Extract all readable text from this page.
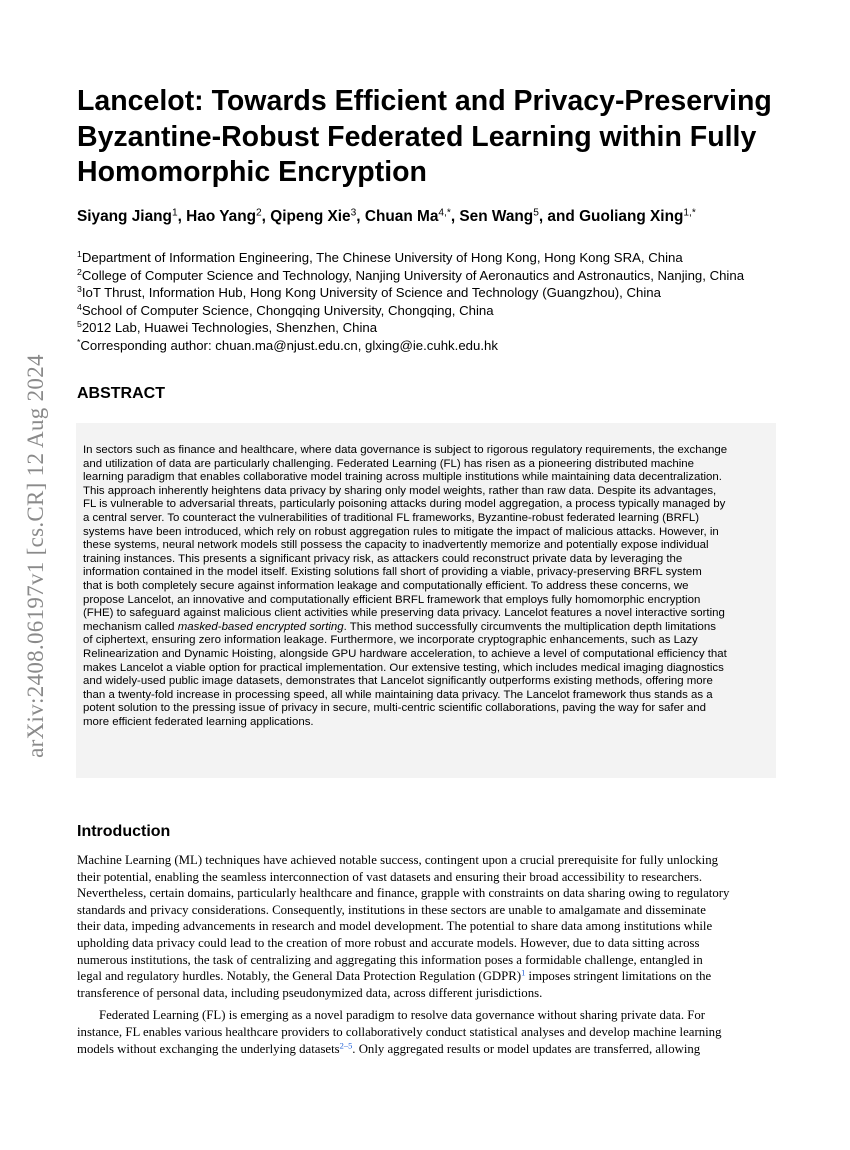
arXiv:2408.06197v1 [cs.CR] 12 Aug 2024
Lancelot: Towards Efficient and Privacy-Preserving
Byzantine-Robust Federated Learning within Fully
Homomorphic Encryption
Siyang Jiang$^1$, Hao Yang$^2$, Qipeng Xie$^3$, Chuan $Ma^{4,*}$, Sen Wang$^5$, and Guoliang Xing$^{1,*}$
$^1$Department of Information Engineering, The Chinese University of Hong Kong, Hong Kong SRA, China
$^2$College of Computer Science and Technology, Nanjing University of Aeronautics and Astronautics, Nanjing, China
$^3$IoT Thrust, Information Hub, Hong Kong University of Science and Technology (Guangzhou), China
$^4$School of Computer Science, Chongqing University, Chongqing, China
$^5$2012 Lab, Huawei Technologies, Shenzhen, China
*Corresponding author: chuan.ma@njust.edu.cn, glxing@ie.cuhk.edu.hk
ABSTRACT
In sectors such as finance and healthcare, where data governance is subject to rigorous regulatory requirements, the exchange
and utilization of data are particularly challenging. Federated Learning (FL) has risen as a pioneering distributed machine
learning paradigm that enables collaborative model training across multiple institutions while maintaining data decentralization.
This approach inherently heightens data privacy by sharing only model weights, rather than raw data. Despite its advantages,
FL is vulnerable to adversarial threats, particularly poisoning attacks during model aggregation, a process typically managed by
a central server. To counteract the vulnerabilities of traditional FL frameworks, Byzantine-robust federated learning (BRFL)
systems have been introduced, which rely on robust aggregation rules to mitigate the impact of malicious attacks. However, in
these systems, neural network models still possess the capacity to inadvertently memorize and potentially expose individual
training instances. This presents a significant privacy risk, as attackers could reconstruct private data by leveraging the
information contained in the model itself. Existing solutions fall short of providing a viable, privacy-preserving BRFL system
that is both completely secure against information leakage and computationally efficient. To address these concerns, we
propose Lancelot, an innovative and computationally efficient BRFL framework that employs fully homomorphic encryption
(FHE) to safeguard against malicious client activities while preserving data privacy. Lancelot features a novel interactive sorting
mechanism called masked-based encrypted sorting. This method successfully circumvents the multiplication depth limitations
of ciphertext, ensuring zero information leakage. Furthermore, we incorporate cryptographic enhancements, such as Lazy
Relinearization and Dynamic Hoisting, alongside GPU hardware acceleration, to achieve a level of computational efficiency that
makes Lancelot a viable option for practical implementation. Our extensive testing, which includes medical imaging diagnostics
and widely-used public image datasets, demonstrates that Lancelot significantly outperforms existing methods, offering more
than a twenty-fold increase in processing speed, all while maintaining data privacy. The Lancelot framework thus stands as a
potent solution to the pressing issue of privacy in secure, multi-centric scientific collaborations, paving the way for safer and
more efficient federated learning applications.
Introduction
Machine Learning (ML) techniques have achieved notable success, contingent upon a crucial prerequisite for fully unlocking
their potential, enabling the seamless interconnection of vast datasets and ensuring their broad accessibility to researchers.
Nevertheless, certain domains, particularly healthcare and finance, grapple with constraints on data sharing owing to regulatory
standards and privacy considerations. Consequently, institutions in these sectors are unable to amalgamate and disseminate
their data, impeding advancements in research and model development. The potential to share data among institutions while
upholding data privacy could lead to the creation of more robust and accurate models. However, due to data sitting across
numerous institutions, the task of centralizing and aggregating this information poses a formidable challenge, entangled in
legal and regulatory hurdles. Notably, the General Data Protection Regulation (GDPR)$^1$ imposes stringent limitations on the
transference of personal data, including pseudonymized data, across different jurisdictions.
Federated Learning (FL) is emerging as a novel paradigm to resolve data governance without sharing private data. For
instance, FL enables various healthcare providers to collaboratively conduct statistical analyses and develop machine learning
models without exchanging the underlying datasets$^{2-5}$. Only aggregated results or model updates are transferred, allowing
